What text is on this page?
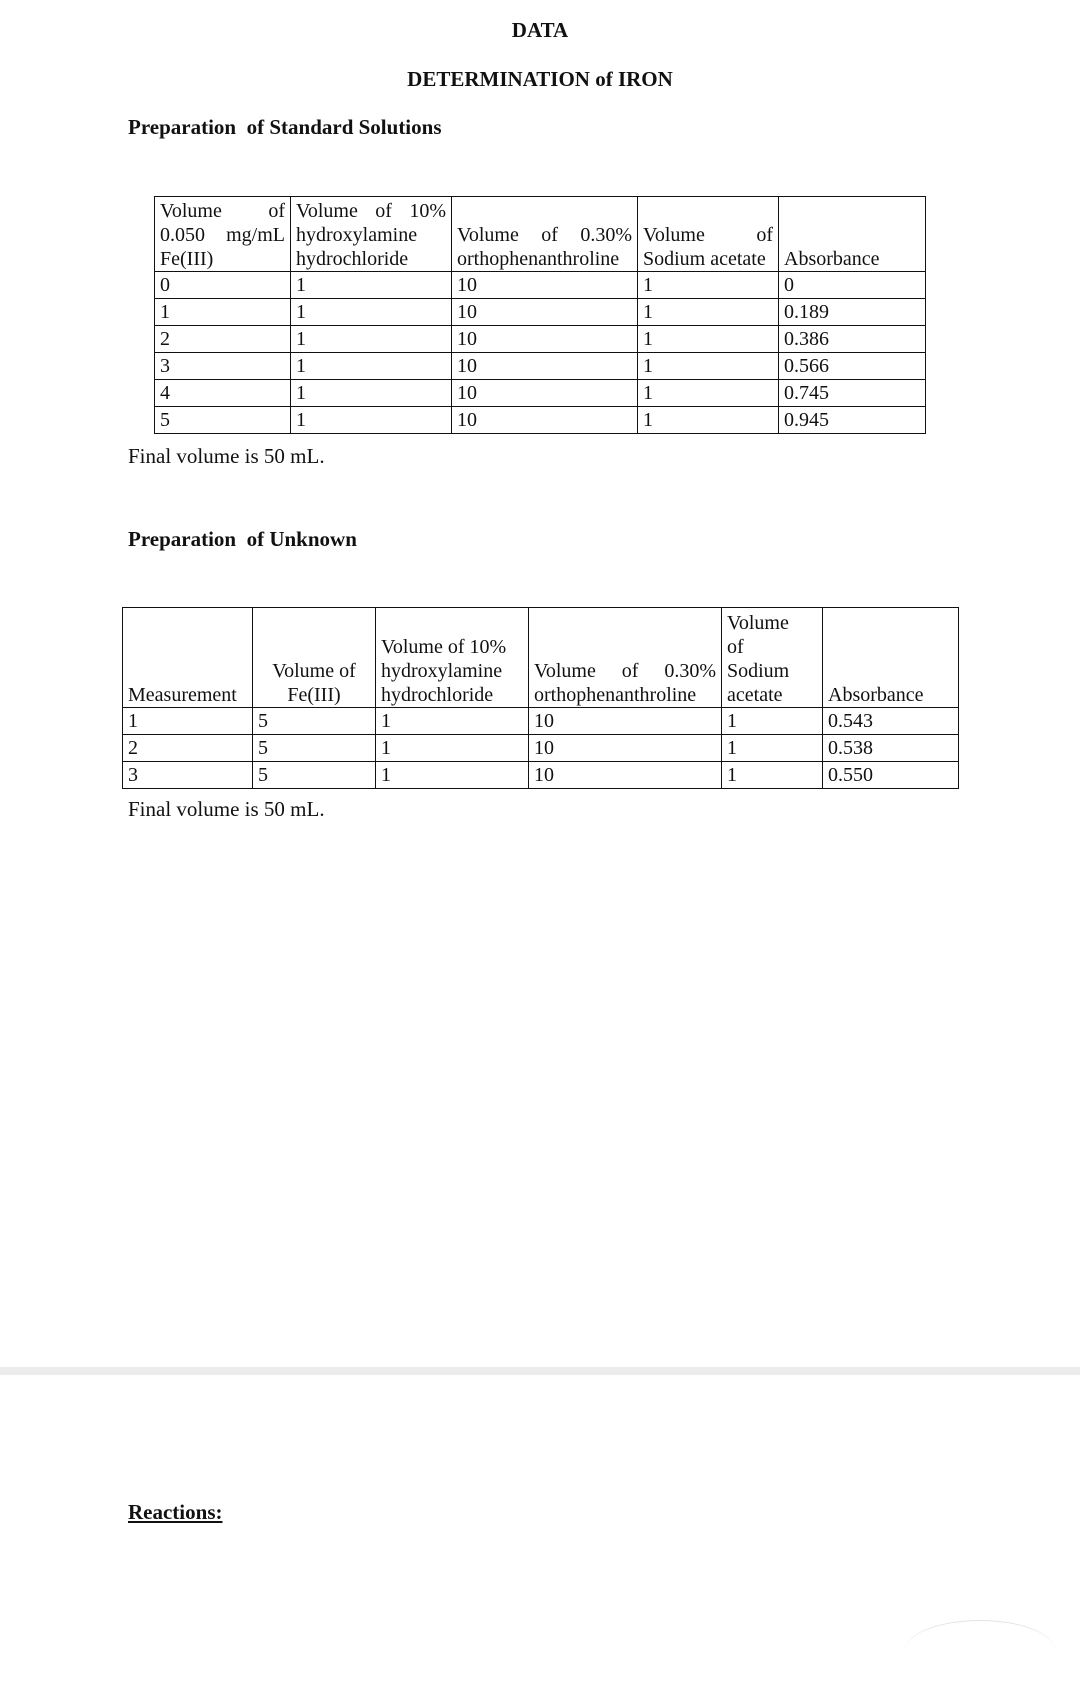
DATA
DETERMINATION of IRON
Preparation  of Standard Solutions
Volume of
0.050 mg/mL
Fe(III)	Volume of 10%
hydroxylamine
hydrochloride	Volume of 0.30%
orthophenanthroline	Volume of
Sodium acetate	Absorbance

0	1	10	1	0
1	1	10	1	0.189
2	1	10	1	0.386
3	1	10	1	0.566
4	1	10	1	0.745
5	1	10	1	0.945
Final volume is 50 mL.
Preparation  of Unknown
Measurement	Volume of
Fe(III)	Volume of 10%
hydroxylamine
hydrochloride	Volume of 0.30%
orthophenanthroline	Volume
of
Sodium
acetate	Absorbance

1	5	1	10	1	0.543
2	5	1	10	1	0.538
3	5	1	10	1	0.550
Final volume is 50 mL.
Reactions:
